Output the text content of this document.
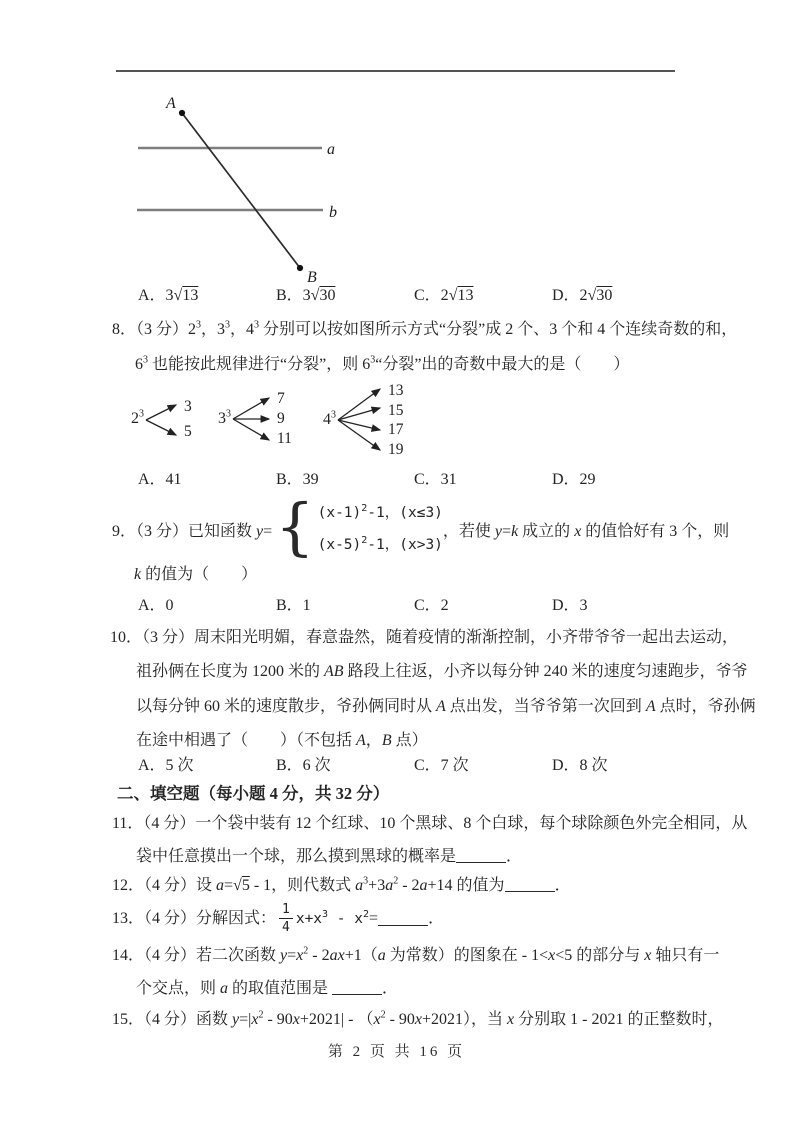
A
B
a
b
A．3√13	B．3√30	C．2√13	D．2√30
8．（3 分）$2^3$，$3^3$，$4^3$ 分别可以按如图所示方式“分裂”成 2 个、3 个和 4 个连续奇数的和，
$6^3$ 也能按此规律进行“分裂”，则 $6^3“$分裂”出的奇数中最大的是（　　）
$2^3$	3
5
$3^3$
7
9
11
$4^3$
13
15
17
19
A．41	B．39	C．31	D．29
9．（3 分）已知函数 y= { $(x-1)^2-1$，(x≤3)
$(x-5)^2-1$，(x>3)
，若使 y=k 成立的 x 的值恰好有 3 个，则
k 的值为（　　）
A．0	B．1	C．2	D．3
10．（3 分）周末阳光明媚，春意盎然，随着疫情的渐渐控制，小齐带爷爷一起出去运动，
祖孙俩在长度为 1200 米的 AB 路段上往返，小齐以每分钟 240 米的速度匀速跑步，爷爷
以每分钟 60 米的速度散步，爷孙俩同时从 A 点出发，当爷爷第一次回到 A 点时，爷孙俩
在途中相遇了（　　）（不包括 A，B 点）
A．5 次	B．6 次	C．7 次	D．8 次
二、填空题（每小题 4 分，共 32 分）
11．（4 分）一个袋中装有 12 个红球、10 个黑球、8 个白球，每个球除颜色外完全相同，从
袋中任意摸出一个球，那么摸到黑球的概率是	．
12．（4 分）设 a=√5 - 1，则代数式 $a^3+3a^2 - 2a+14$ 的值为	．
13．（4 分）分解因式： $\frac{1}{4} x+x^3 - x^2$ =	．
14．（4 分）若二次函数 $y=x^2 - 2ax+1(a$ 为常数）的图象在 - 1<x<5 的部分与 x 轴只有一
个交点，则 a 的取值范围是	．
15．（4 分）函数 $y=|x^2 - 90x+2021| - (x^2 - 90x+2021)$，当 x 分别取 1 - 2021 的正整数时，
第 2 页 共 16 页
